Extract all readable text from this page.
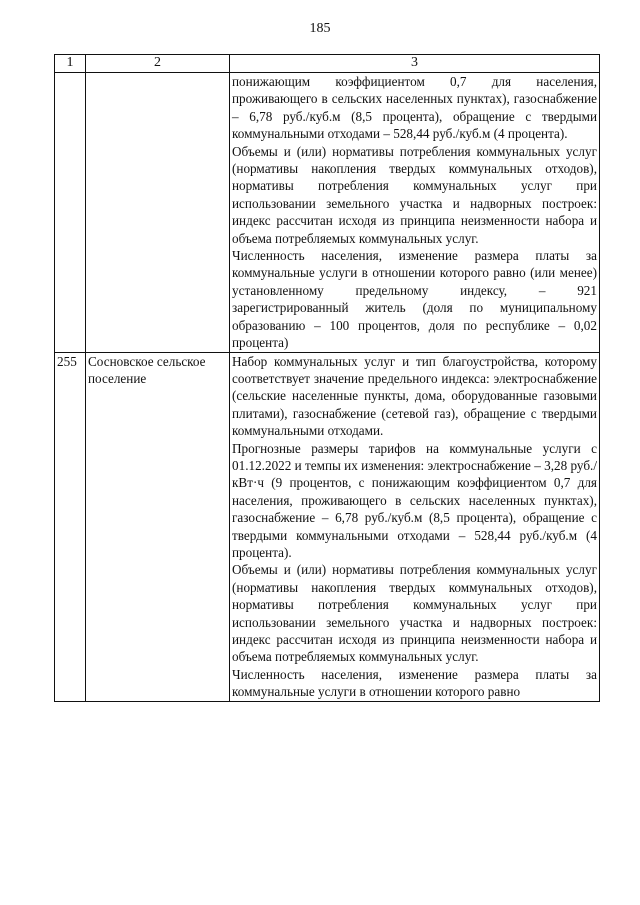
185
1	2	3

		понижающим коэффициентом 0,7 для населения, проживающего в сельских населенных пунктах), газоснабжение – 6,78 руб./куб.м (8,5 процента), обращение с твердыми коммунальными отходами – 528,44 руб./куб.м (4 процента).

Объемы и (или) нормативы потребления коммунальных услуг (нормативы накопления твердых коммунальных отходов), нормативы потребления коммунальных услуг при использовании земельного участка и надворных построек: индекс рассчитан исходя из принципа неизменности набора и объема потребляемых коммунальных услуг.

Численность населения, изменение размера платы за коммунальные услуги в отношении которого равно (или менее) установленному предельному индексу, – 921 зарегистрированный житель (доля по муниципальному образованию – 100 процентов, доля по республике – 0,02 процента)

255	Сосновское сельское поселение	Набор коммунальных услуг и тип благоустройства, которому соответствует значение предельного индекса: электроснабжение (сельские населенные пункты, дома, оборудованные газовыми плитами), газоснабжение (сетевой газ), обращение с твердыми коммунальными отходами.

Прогнозные размеры тарифов на коммунальные услуги с 01.12.2022 и темпы их изменения: электроснабжение – 3,28 руб./кВт·ч (9 процентов, с понижающим коэффициентом 0,7 для населения, проживающего в сельских населенных пунктах), газоснабжение – 6,78 руб./куб.м (8,5 процента), обращение с твердыми коммунальными отходами – 528,44 руб./куб.м (4 процента).

Объемы и (или) нормативы потребления коммунальных услуг (нормативы накопления твердых коммунальных отходов), нормативы потребления коммунальных услуг при использовании земельного участка и надворных построек: индекс рассчитан исходя из принципа неизменности набора и объема потребляемых коммунальных услуг.

Численность населения, изменение размера платы за коммунальные услуги в отношении которого равно
